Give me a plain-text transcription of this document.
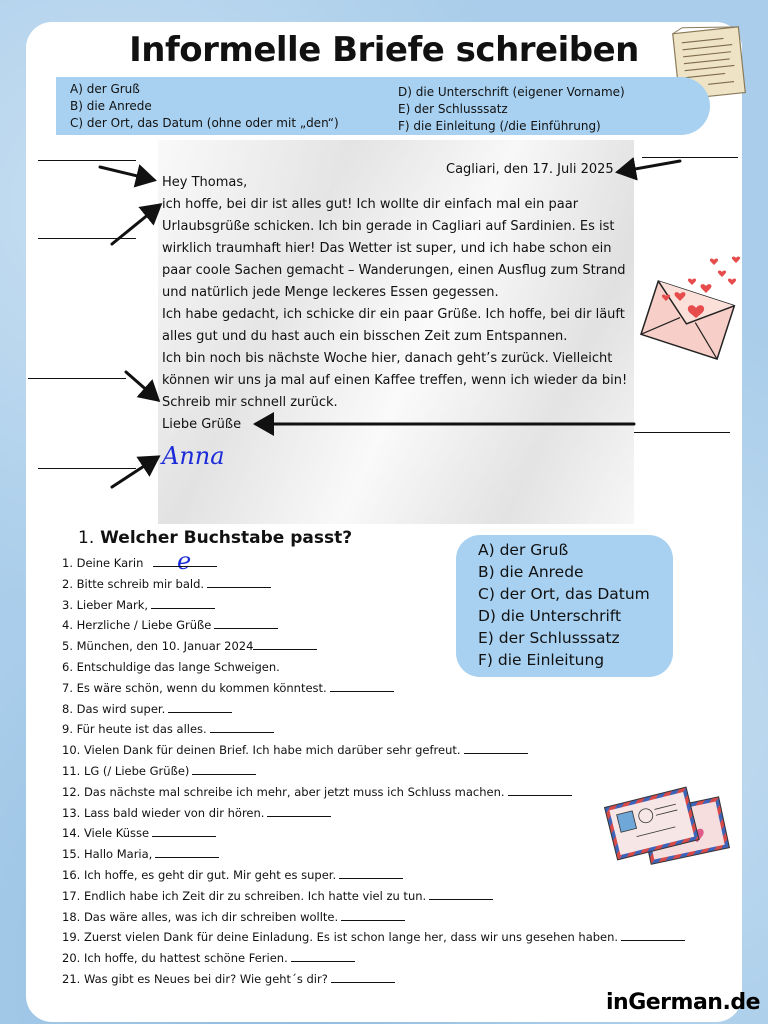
Informelle Briefe schreiben
A) der Gruß
B) die Anrede
C) der Ort, das Datum (ohne oder mit „den“)
D) die Unterschrift (eigener Vorname)
E) der Schlusssatz
F) die Einleitung (/die Einführung)
Cagliari, den 17. Juli 2025
Hey Thomas,
ich hoffe, bei dir ist alles gut! Ich wollte dir einfach mal ein paar
Urlaubsgrüße schicken. Ich bin gerade in Cagliari auf Sardinien. Es ist
wirklich traumhaft hier! Das Wetter ist super, und ich habe schon ein
paar coole Sachen gemacht – Wanderungen, einen Ausflug zum Strand
und natürlich jede Menge leckeres Essen gegessen.
Ich habe gedacht, ich schicke dir ein paar Grüße. Ich hoffe, bei dir läuft
alles gut und du hast auch ein bisschen Zeit zum Entspannen.
Ich bin noch bis nächste Woche hier, danach geht’s zurück. Vielleicht
können wir uns ja mal auf einen Kaffee treffen, wenn ich wieder da bin!
Schreib mir schnell zurück.
Liebe Grüße
Anna
1. Welcher Buchstabe passt?
e
1. Deine Karin
2. Bitte schreib mir bald.
3. Lieber Mark,
4. Herzliche / Liebe Grüße
5. München, den 10. Januar 2024
6. Entschuldige das lange Schweigen.
7. Es wäre schön, wenn du kommen könntest.
8. Das wird super.
9. Für heute ist das alles.
10. Vielen Dank für deinen Brief. Ich habe mich darüber sehr gefreut.
11. LG (/ Liebe Grüße)
12. Das nächste mal schreibe ich mehr, aber jetzt muss ich Schluss machen.
13. Lass bald wieder von dir hören.
14. Viele Küsse
15. Hallo Maria,
16. Ich hoffe, es geht dir gut. Mir geht es super.
17. Endlich habe ich Zeit dir zu schreiben. Ich hatte viel zu tun.
18. Das wäre alles, was ich dir schreiben wollte.
19. Zuerst vielen Dank für deine Einladung. Es ist schon lange her, dass wir uns gesehen haben.
20. Ich hoffe, du hattest schöne Ferien.
21. Was gibt es Neues bei dir? Wie geht´s dir?
A) der Gruß
B) die Anrede
C) der Ort, das Datum
D) die Unterschrift
E) der Schlusssatz
F) die Einleitung
inGerman.de
